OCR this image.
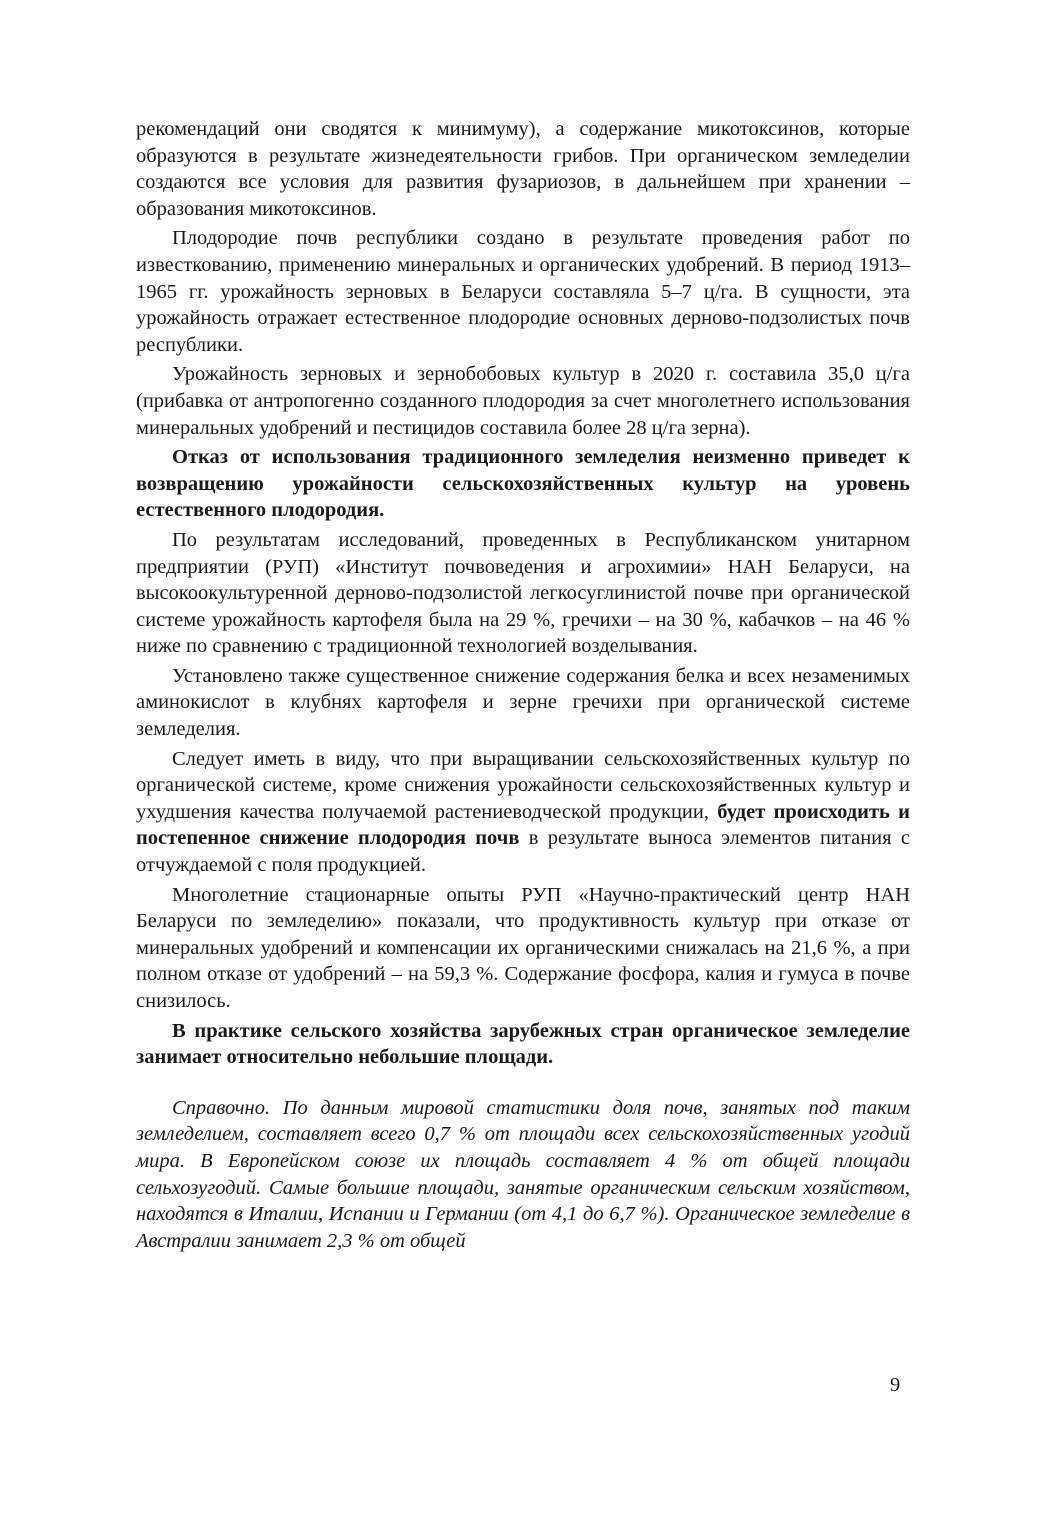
рекомендаций они сводятся к минимуму), а содержание микотоксинов, которые образуются в результате жизнедеятельности грибов. При органическом земледелии создаются все условия для развития фузариозов, в дальнейшем при хранении – образования микотоксинов.

Плодородие почв республики создано в результате проведения работ по известкованию, применению минеральных и органических удобрений. В период 1913–1965 гг. урожайность зерновых в Беларуси составляла 5–7 ц/га. В сущности, эта урожайность отражает естественное плодородие основных дерново-подзолистых почв республики.

Урожайность зерновых и зернобобовых культур в 2020 г. составила 35,0 ц/га (прибавка от антропогенно созданного плодородия за счет многолетнего использования минеральных удобрений и пестицидов составила более 28 ц/га зерна).

Отказ от использования традиционного земледелия неизменно приведет к возвращению урожайности сельскохозяйственных культур на уровень естественного плодородия.

По результатам исследований, проведенных в Республиканском унитарном предприятии (РУП) «Институт почвоведения и агрохимии» НАН Беларуси, на высокоокультуренной дерново-подзолистой легкосуглинистой почве при органической системе урожайность картофеля была на 29 %, гречихи – на 30 %, кабачков – на 46 % ниже по сравнению с традиционной технологией возделывания.

Установлено также существенное снижение содержания белка и всех незаменимых аминокислот в клубнях картофеля и зерне гречихи при органической системе земледелия.

Следует иметь в виду, что при выращивании сельскохозяйственных культур по органической системе, кроме снижения урожайности сельскохозяйственных культур и ухудшения качества получаемой растениеводческой продукции, будет происходить и постепенное снижение плодородия почв в результате выноса элементов питания с отчуждаемой с поля продукцией.

Многолетние стационарные опыты РУП «Научно-практический центр НАН Беларуси по земледелию» показали, что продуктивность культур при отказе от минеральных удобрений и компенсации их органическими снижалась на 21,6 %, а при полном отказе от удобрений – на 59,3 %. Содержание фосфора, калия и гумуса в почве снизилось.

В практике сельского хозяйства зарубежных стран органическое земледелие занимает относительно небольшие площади.

Справочно. По данным мировой статистики доля почв, занятых под таким земледелием, составляет всего 0,7 % от площади всех сельскохозяйственных угодий мира. В Европейском союзе их площадь составляет 4 % от общей площади сельхозугодий. Самые большие площади, занятые органическим сельским хозяйством, находятся в Италии, Испании и Германии (от 4,1 до 6,7 %). Органическое земледелие в Австралии занимает 2,3 % от общей

9
